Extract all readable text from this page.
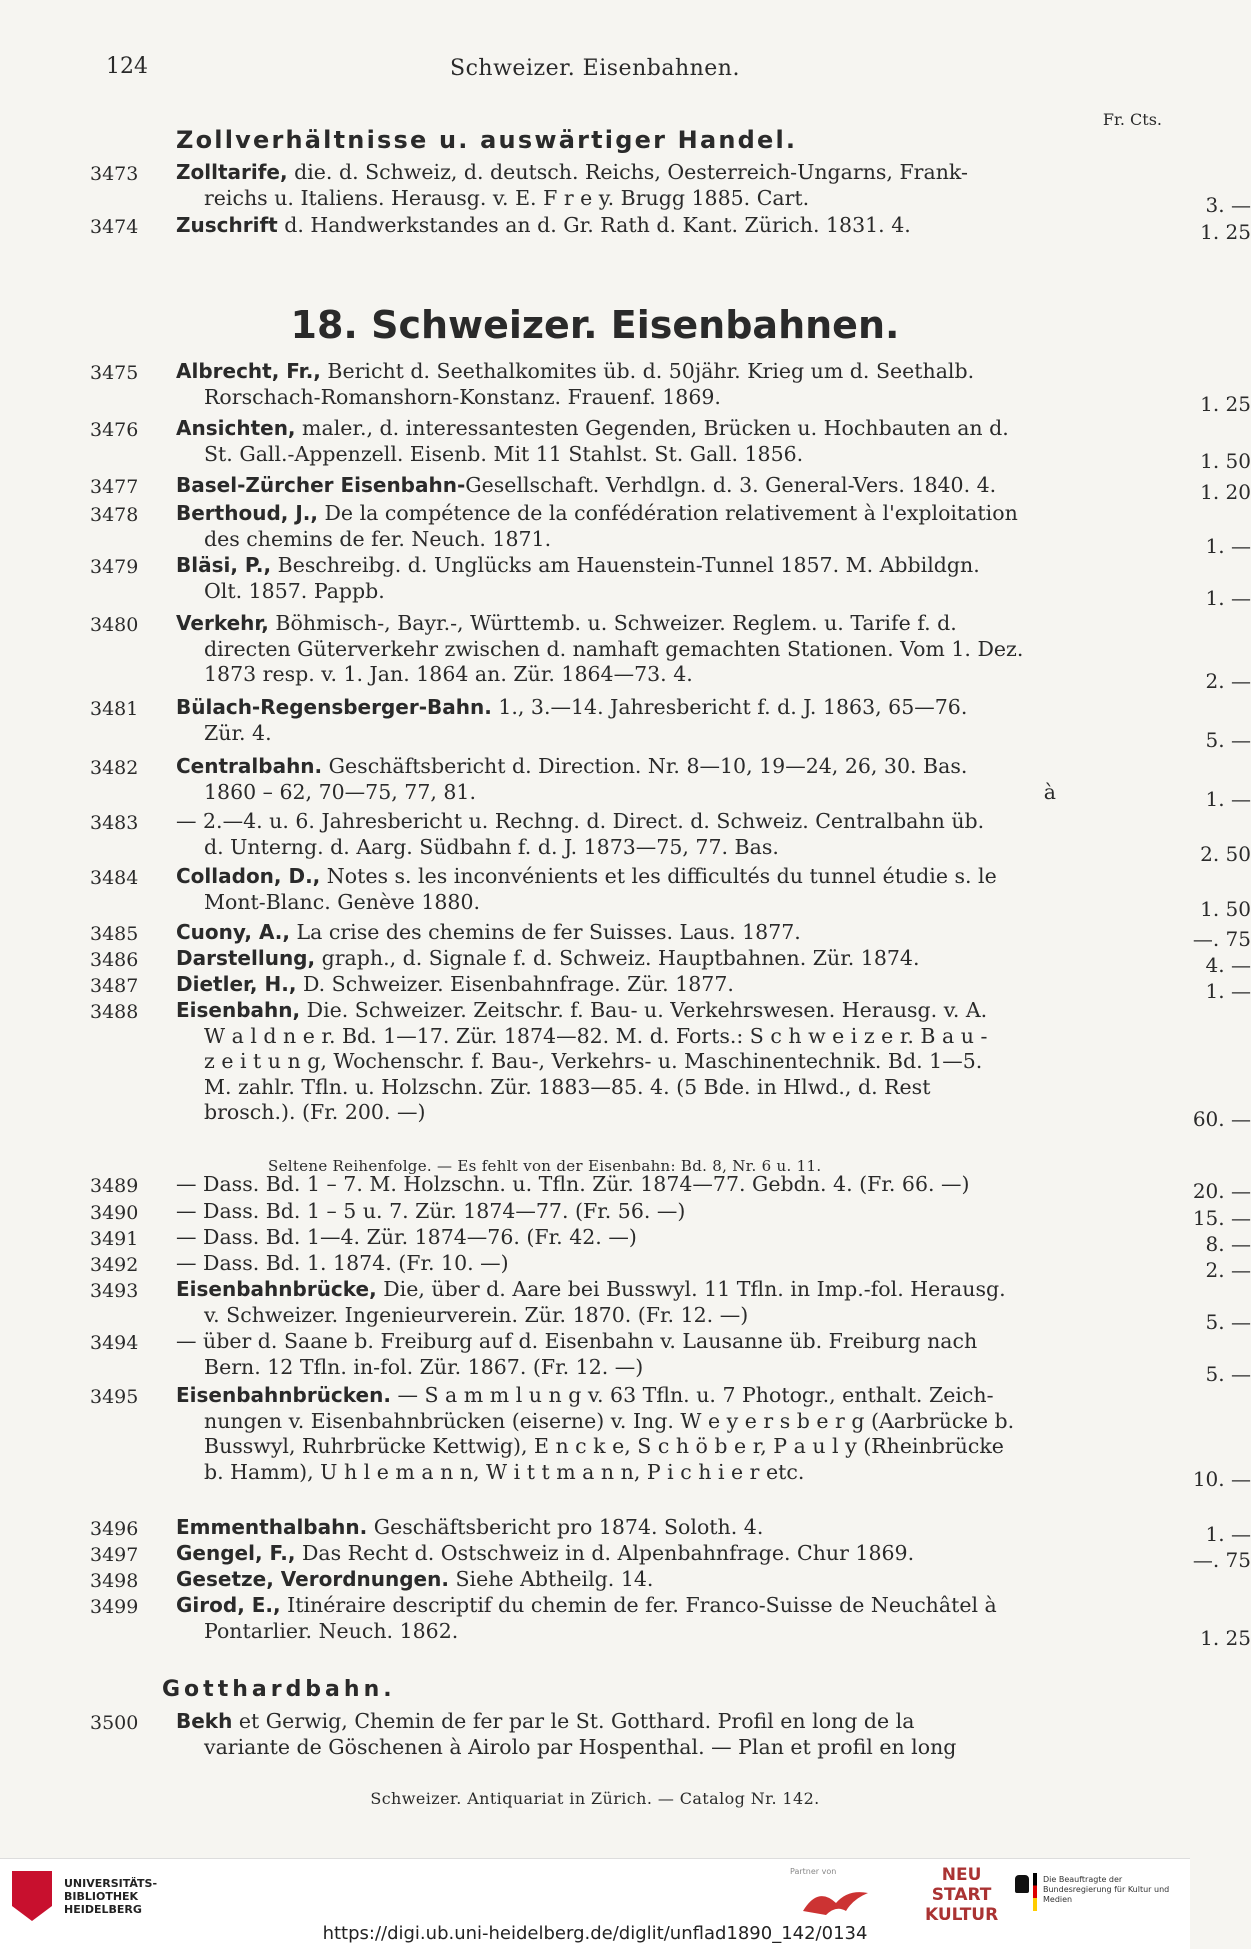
124	Schweizer. Eisenbahnen.
Fr. Cts.
Zollverhältnisse u. auswärtiger Handel.
18. Schweizer. Eisenbahnen.
3473	Zolltarife, die. d. Schweiz, d. deutsch. Reichs, Oesterreich-Ungarns, Frank-
reichs u. Italiens. Herausg. v. E. F r e y. Brugg 1885. Cart.	3. —
3474	Zuschrift d. Handwerkstandes an d. Gr. Rath d. Kant. Zürich. 1831. 4.	1. 25
3475	Albrecht, Fr., Bericht d. Seethalkomites üb. d. 50jähr. Krieg um d. Seethalb.
Rorschach-Romanshorn-Konstanz. Frauenf. 1869.	1. 25
3476	Ansichten, maler., d. interessantesten Gegenden, Brücken u. Hochbauten an d.
St. Gall.-Appenzell. Eisenb. Mit 11 Stahlst. St. Gall. 1856.	1. 50
3477	Basel-Zürcher Eisenbahn-Gesellschaft. Verhdlgn. d. 3. General-Vers. 1840. 4.	1. 20
3478	Berthoud, J., De la compétence de la confédération relativement à l'exploitation
des chemins de fer. Neuch. 1871.	1. —
3479	Bläsi, P., Beschreibg. d. Unglücks am Hauenstein-Tunnel 1857. M. Abbildgn.
Olt. 1857. Pappb.	1. —
3480	Verkehr, Böhmisch-, Bayr.-, Württemb. u. Schweizer. Reglem. u. Tarife f. d.
directen Güterverkehr zwischen d. namhaft gemachten Stationen. Vom 1. Dez.
1873 resp. v. 1. Jan. 1864 an. Zür. 1864—73. 4.	2. —
3481	Bülach-Regensberger-Bahn. 1., 3.—14. Jahresbericht f. d. J. 1863, 65—76.
Zür. 4.	5. —
3482	Centralbahn. Geschäftsbericht d. Direction. Nr. 8—10, 19—24, 26, 30. Bas.
1860 – 62, 70—75, 77, 81.	à	1. —
3483	— 2.—4. u. 6. Jahresbericht u. Rechng. d. Direct. d. Schweiz. Centralbahn üb.
d. Unterng. d. Aarg. Südbahn f. d. J. 1873—75, 77. Bas.	2. 50
3484	Colladon, D., Notes s. les inconvénients et les difficultés du tunnel étudie s. le
Mont-Blanc. Genève 1880.	1. 50
3485	Cuony, A., La crise des chemins de fer Suisses. Laus. 1877.	—. 75
3486	Darstellung, graph., d. Signale f. d. Schweiz. Hauptbahnen. Zür. 1874.	4. —
3487	Dietler, H., D. Schweizer. Eisenbahnfrage. Zür. 1877.	1. —
3488	Eisenbahn, Die. Schweizer. Zeitschr. f. Bau- u. Verkehrswesen. Herausg. v. A.
W a l d n e r. Bd. 1—17. Zür. 1874—82. M. d. Forts.: S c h w e i z e r. B a u -
z e i t u n g, Wochenschr. f. Bau-, Verkehrs- u. Maschinentechnik. Bd. 1—5.
M. zahlr. Tfln. u. Holzschn. Zür. 1883—85. 4. (5 Bde. in Hlwd., d. Rest
brosch.). (Fr. 200. —)	60. —
3489	— Dass. Bd. 1 – 7. M. Holzschn. u. Tfln. Zür. 1874—77. Gebdn. 4. (Fr. 66. —)	20. —
3490	— Dass. Bd. 1 – 5 u. 7. Zür. 1874—77. (Fr. 56. —)	15. —
3491	— Dass. Bd. 1—4. Zür. 1874—76. (Fr. 42. —)	8. —
3492	— Dass. Bd. 1. 1874. (Fr. 10. —)	2. —
3493	Eisenbahnbrücke, Die, über d. Aare bei Busswyl. 11 Tfln. in Imp.-fol. Herausg.
v. Schweizer. Ingenieurverein. Zür. 1870. (Fr. 12. —)	5. —
3494	— über d. Saane b. Freiburg auf d. Eisenbahn v. Lausanne üb. Freiburg nach
Bern. 12 Tfln. in-fol. Zür. 1867. (Fr. 12. —)	5. —
3495	Eisenbahnbrücken. — S a m m l u n g v. 63 Tfln. u. 7 Photogr., enthalt. Zeich-
nungen v. Eisenbahnbrücken (eiserne) v. Ing. W e y e r s b e r g (Aarbrücke b.
Busswyl, Ruhrbrücke Kettwig), E n c k e, S c h ö b e r, P a u l y (Rheinbrücke
b. Hamm), U h l e m a n n, W i t t m a n n, P i c h i e r etc.	10. —
3496	Emmenthalbahn. Geschäftsbericht pro 1874. Soloth. 4.	1. —
3497	Gengel, F., Das Recht d. Ostschweiz in d. Alpenbahnfrage. Chur 1869.	—. 75
3498	Gesetze, Verordnungen. Siehe Abtheilg. 14.
3499	Girod, E., Itinéraire descriptif du chemin de fer. Franco-Suisse de Neuchâtel à
Pontarlier. Neuch. 1862.	1. 25
3500	Bekh et Gerwig, Chemin de fer par le St. Gotthard. Profil en long de la
variante de Göschenen à Airolo par Hospenthal. — Plan et profil en long
Seltene Reihenfolge. — Es fehlt von der Eisenbahn: Bd. 8, Nr. 6 u. 11.
Gotthardbahn.
Schweizer. Antiquariat in Zürich. — Catalog Nr. 142.
UNIVERSITÄTS-
BIBLIOTHEK
HEIDELBERG
Partner von	NEU
START
KULTUR
Die Beauftragte der Bundesregierung für Kultur und Medien
https://digi.ub.uni-heidelberg.de/diglit/unflad1890_142/0134
